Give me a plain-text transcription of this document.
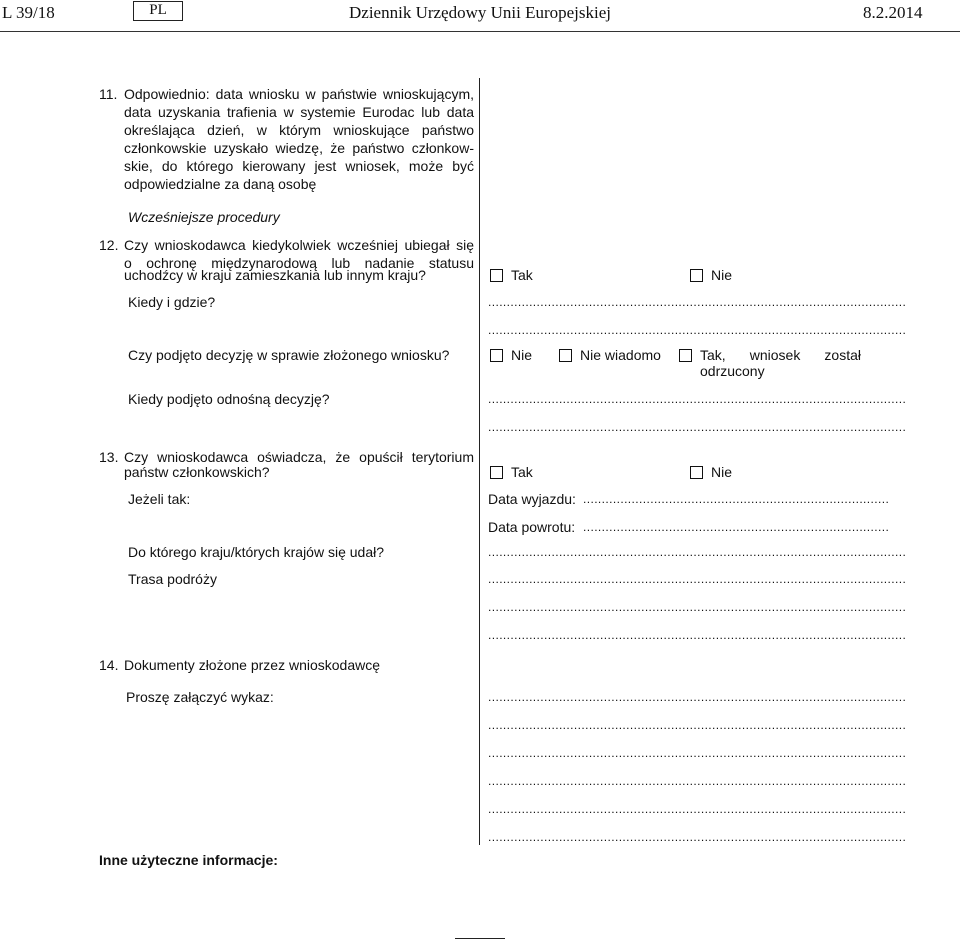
L 39/18	PL	Dziennik Urzędowy Unii Europejskiej	8.2.2014
11. Odpowiednio: data wniosku w państwie wnioskującym,
data uzyskania trafienia w systemie Eurodac lub data
określająca dzień, w którym wnioskujące państwo
członkowskie uzyskało wiedzę, że państwo członkow-
skie, do którego kierowany jest wniosek, może być
odpowiedzialne za daną osobę
Wcześniejsze procedury
12. Czy wnioskodawca kiedykolwiek wcześniej ubiegał się
o ochronę międzynarodową lub nadanie statusu
uchodźcy w kraju zamieszkania lub innym kraju?	Tak	Nie
Kiedy i gdzie?	................................................................................................................
................................................................................................................
Czy podjęto decyzję w sprawie złożonego wniosku?	Nie	Nie wiadomo	Tak, wniosek został
odrzucony
Kiedy podjęto odnośną decyzję?	................................................................................................................
................................................................................................................
13. Czy wnioskodawca oświadcza, że opuścił terytorium
państw członkowskich?	Tak	Nie
Jeżeli tak:	Data wyjazdu: ..................................................................................
Data powrotu: ..................................................................................
Do którego kraju/których krajów się udał?	................................................................................................................
Trasa podróży	................................................................................................................
................................................................................................................
................................................................................................................
14. Dokumenty złożone przez wnioskodawcę
Proszę załączyć wykaz:	................................................................................................................
................................................................................................................
................................................................................................................
................................................................................................................
................................................................................................................
................................................................................................................
Inne użyteczne informacje:
